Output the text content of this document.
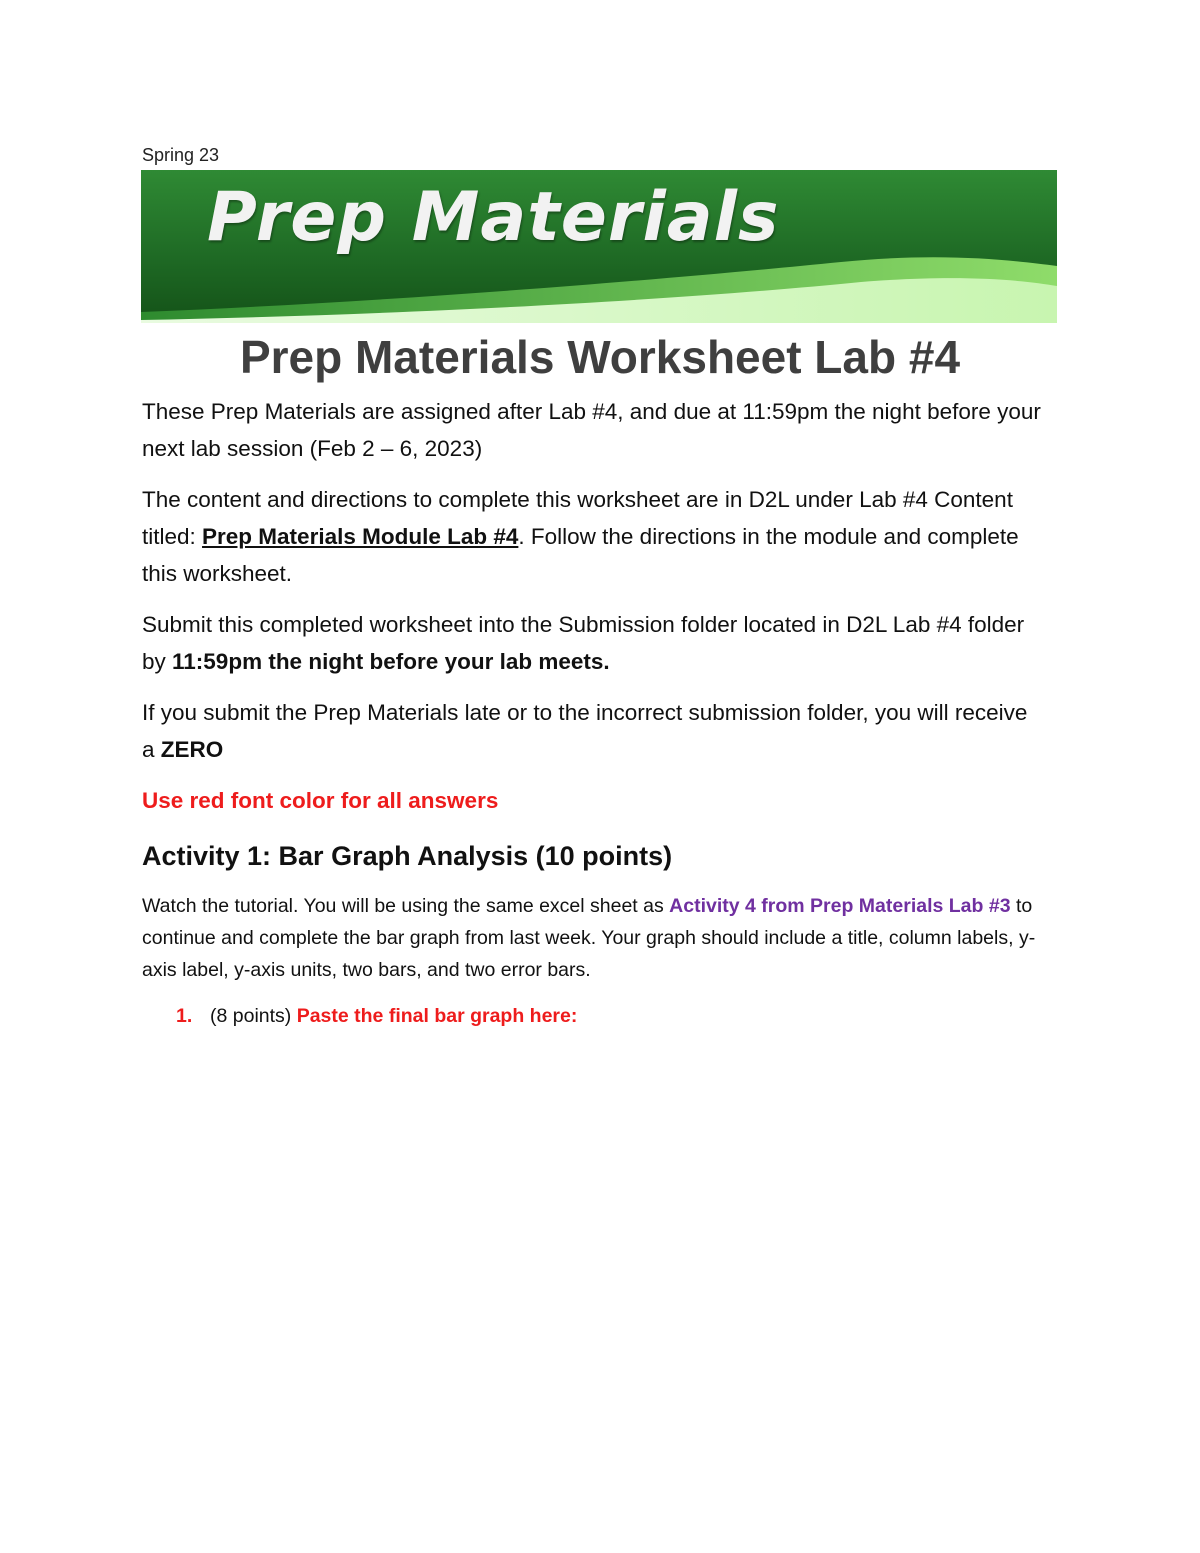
Spring 23
Prep Materials
Prep Materials Worksheet Lab #4

These Prep Materials are assigned after Lab #4, and due at 11:59pm the night before your next lab session (Feb 2 – 6, 2023)

The content and directions to complete this worksheet are in D2L under Lab #4 Content titled: Prep Materials Module Lab #4. Follow the directions in the module and complete this worksheet.

Submit this completed worksheet into the Submission folder located in D2L Lab #4 folder by 11:59pm the night before your lab meets.

If you submit the Prep Materials late or to the incorrect submission folder, you will receive a ZERO

Use red font color for all answers

Activity 1: Bar Graph Analysis (10 points)

Watch the tutorial. You will be using the same excel sheet as Activity 4 from Prep Materials Lab #3 to continue and complete the bar graph from last week. Your graph should include a title, column labels, y-axis label, y-axis units, two bars, and two error bars.

1. (8 points) Paste the final bar graph here:
